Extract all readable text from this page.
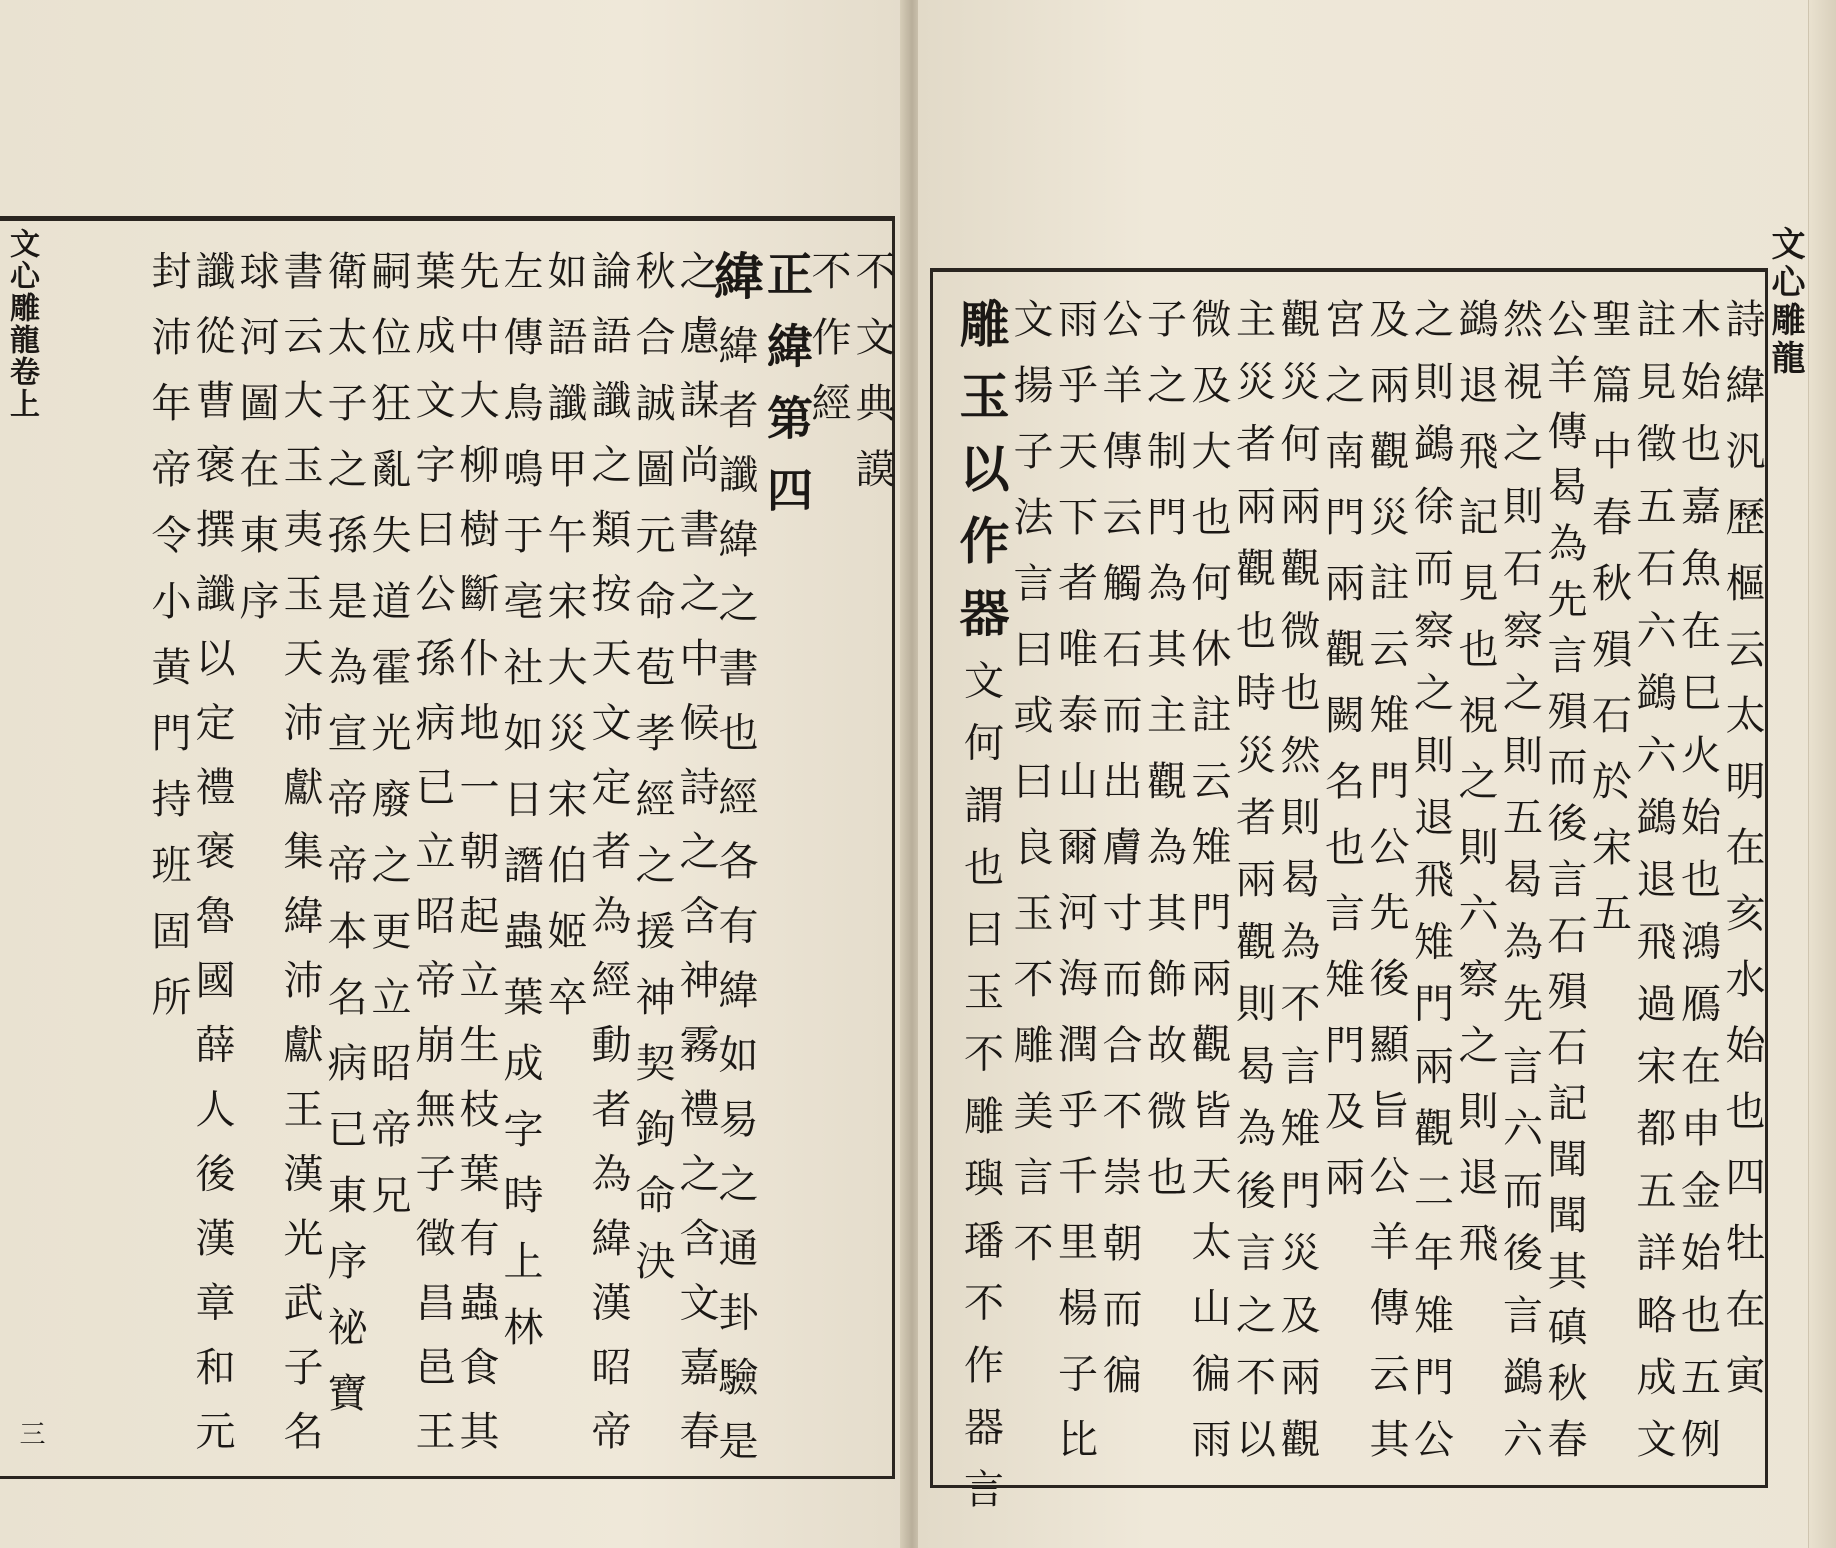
不文典謨
不作經
正緯第四
緯緯者讖緯之書也經各有緯如易之通卦驗是
之慮謀尚書之中候詩之含神霧禮之含文嘉春
秋合誠圖元命苞孝經之援神契鉤命決
論語讖之類按天文定者為經動者為緯漢昭帝
如語讖甲午宋大災宋伯姬卒
左傳鳥鳴于亳社如日譖蟲葉成字時上林
先中大柳樹斷仆地一朝起立生枝葉有蟲食其
葉成文字曰公孫病已立昭帝崩無子徵昌邑王
嗣位狂亂失道霍光廢之更立昭帝兄
衛太子之孫是為宣帝帝本名病已東序祕寶
書云大玉夷玉天沛獻集緯沛獻王漢光武子名
球河圖在東序
讖從曹褒撰讖以定禮褒魯國薛人後漢章和元
封沛年帝令小黃門持班固所
文心雕龍卷上
三
詩緯汎歷樞云太明在亥水始也四牡在寅
木始也嘉魚在巳火始也鴻鴈在申金始也五例
註見徵五石六鷁六鷁退飛過宋都五詳略成文
聖篇中春秋殞石於宋五
公羊傳曷為先言殞而後言石殞石記聞聞其磌秋春
然視之則石察之則五曷為先言六而後言鷁六
鷁退飛記見也視之則六察之則退飛
之則鷁徐而察之則退飛雉門兩觀二年雉門公
及兩觀災註云雉門公先後顯旨公羊傳云其
宮之南門兩觀闕名也言雉門及兩
觀災何兩觀微也然則曷為不言雉門災及兩觀
主災者兩觀也時災者兩觀則曷為後言之不以
微及大也何休註云雉門兩觀皆天太山徧雨
子之制門為其主觀為其飾故微也
公羊傳云觸石而出膚寸而合不崇朝而徧
雨乎天下者唯泰山爾河海潤乎千里楊子比
文揚子法言曰或曰良玉不雕美言不
雕玉以作器文何謂也曰玉不雕璵璠不作器言
文心雕龍
